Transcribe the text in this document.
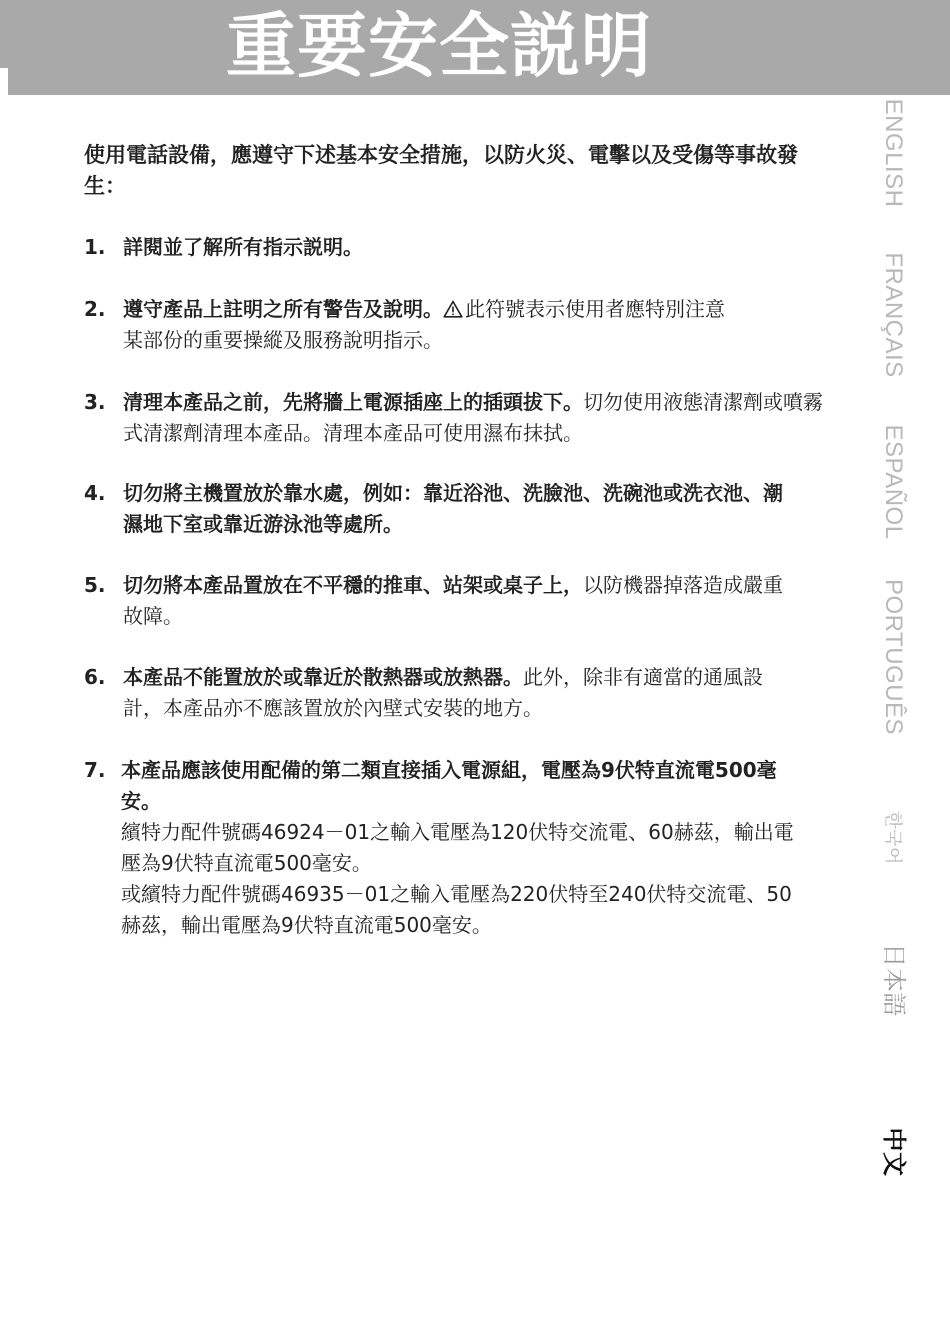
重要安全説明

使用電話設備，應遵守下述基本安全措施，以防火災、電擊以及受傷等事故發生：

1. 詳閱並了解所有指示説明。
2. 遵守產品上註明之所有警告及說明。 此符號表示使用者應特別注意某部份的重要操縱及服務說明指示。
3. 清理本產品之前，先將牆上電源插座上的插頭拔下。切勿使用液態清潔劑或噴霧式清潔劑清理本產品。清理本產品可使用濕布抹拭。
4. 切勿將主機置放於靠水處，例如：靠近浴池、洗臉池、洗碗池或洗衣池、潮濕地下室或靠近游泳池等處所。
5. 切勿將本產品置放在不平穩的推車、站架或桌子上，以防機器掉落造成嚴重故障。
6. 本產品不能置放於或靠近於散熱器或放熱器。此外，除非有適當的通風設計，本產品亦不應該置放於內壁式安裝的地方。
7. 本產品應該使用配備的第二類直接插入電源組，電壓為9伏特直流電500毫安。
繽特力配件號碼46924－01之輸入電壓為120伏特交流電、60赫茲，輸出電壓為9伏特直流電500毫安。
或繽特力配件號碼46935－01之輸入電壓為220伏特至240伏特交流電、50赫茲，輸出電壓為9伏特直流電500毫安。
ENGLISH
FRANÇAIS
ESPAÑOL
PORTUGUÊS
한국어
日本語
中文
